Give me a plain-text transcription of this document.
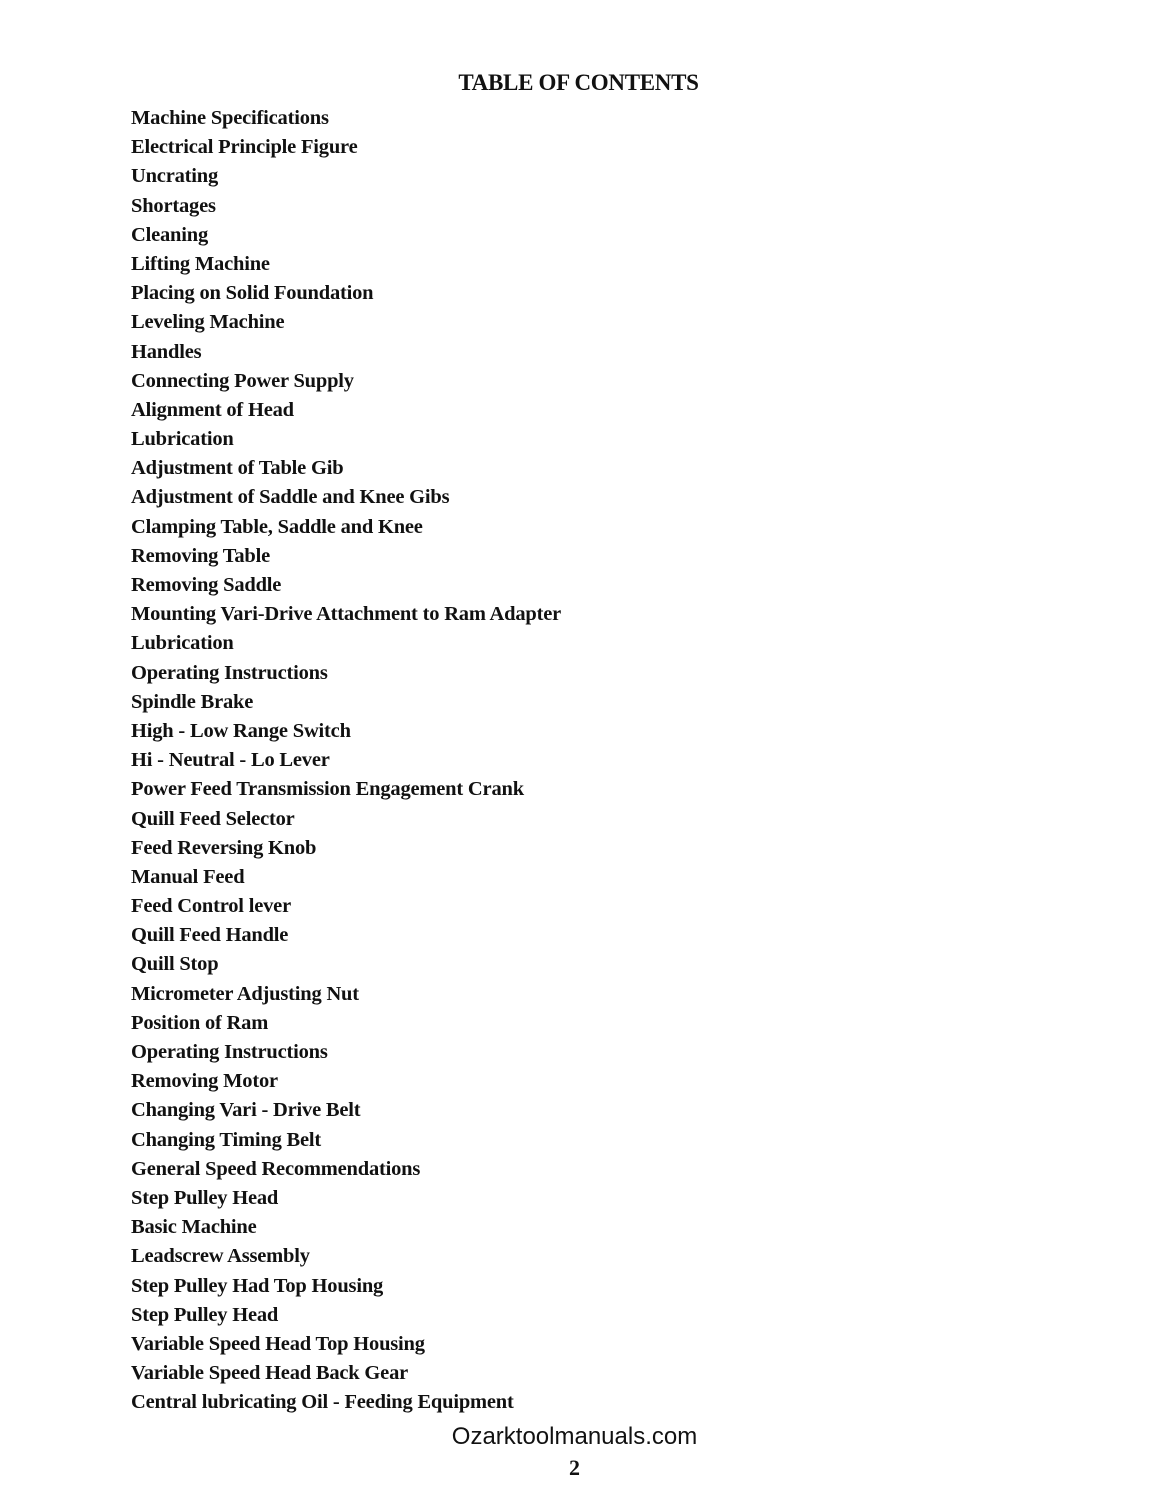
TABLE OF CONTENTS
Machine Specifications
Electrical Principle Figure
Uncrating
Shortages
Cleaning
Lifting Machine
Placing on Solid Foundation
Leveling Machine
Handles
Connecting Power Supply
Alignment of Head
Lubrication
Adjustment of Table Gib
Adjustment of Saddle and Knee Gibs
Clamping Table, Saddle and Knee
Removing Table
Removing Saddle
Mounting Vari-Drive Attachment to Ram Adapter
Lubrication
Operating Instructions
Spindle Brake
High - Low Range Switch
Hi - Neutral - Lo Lever
Power Feed Transmission Engagement Crank
Quill Feed Selector
Feed Reversing Knob
Manual Feed
Feed Control lever
Quill Feed Handle
Quill Stop
Micrometer Adjusting Nut
Position of Ram
Operating Instructions
Removing Motor
Changing Vari - Drive Belt
Changing Timing Belt
General Speed Recommendations
Step Pulley Head
Basic Machine
Leadscrew Assembly
Step Pulley Had Top Housing
Step Pulley Head
Variable Speed Head Top Housing
Variable Speed Head Back Gear
Central lubricating Oil - Feeding Equipment
Ozarktoolmanuals.com
2
